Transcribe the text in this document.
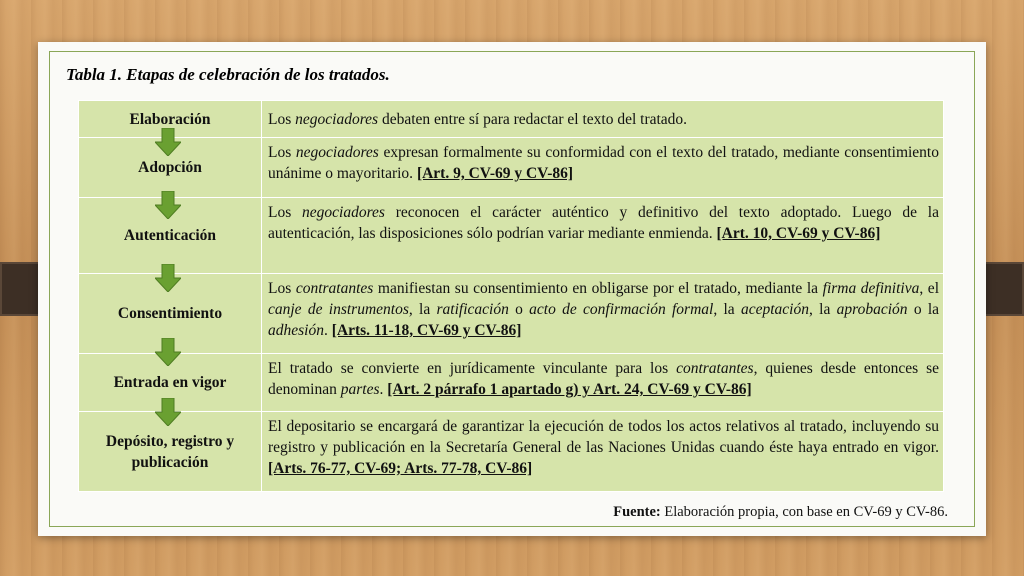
Tabla 1. Etapas de celebración de los tratados.
Elaboración	Los negociadores debaten entre sí para redactar el texto del tratado.

Adopción	Los negociadores expresan formalmente su conformidad con el texto del tratado, mediante consentimiento unánime o mayoritario. [Art. 9, CV-69 y CV-86]

Autenticación	Los negociadores reconocen el carácter auténtico y definitivo del texto adoptado. Luego de la autenticación, las disposiciones sólo podrían variar mediante enmienda. [Art. 10, CV-69 y CV-86]

Consentimiento	Los contratantes manifiestan su consentimiento en obligarse por el tratado, mediante la firma definitiva, el canje de instrumentos, la ratificación o acto de confirmación formal, la aceptación, la aprobación o la adhesión. [Arts. 11-18, CV-69 y CV-86]

Entrada en vigor	El tratado se convierte en jurídicamente vinculante para los contratantes, quienes desde entonces se denominan partes. [Art. 2 párrafo 1 apartado g) y Art. 24, CV-69 y CV-86]

Depósito, registro y publicación	El depositario se encargará de garantizar la ejecución de todos los actos relativos al tratado, incluyendo su registro y publicación en la Secretaría General de las Naciones Unidas cuando éste haya entrado en vigor. [Arts. 76-77, CV-69; Arts. 77-78, CV-86]
Fuente: Elaboración propia, con base en CV-69 y CV-86.
